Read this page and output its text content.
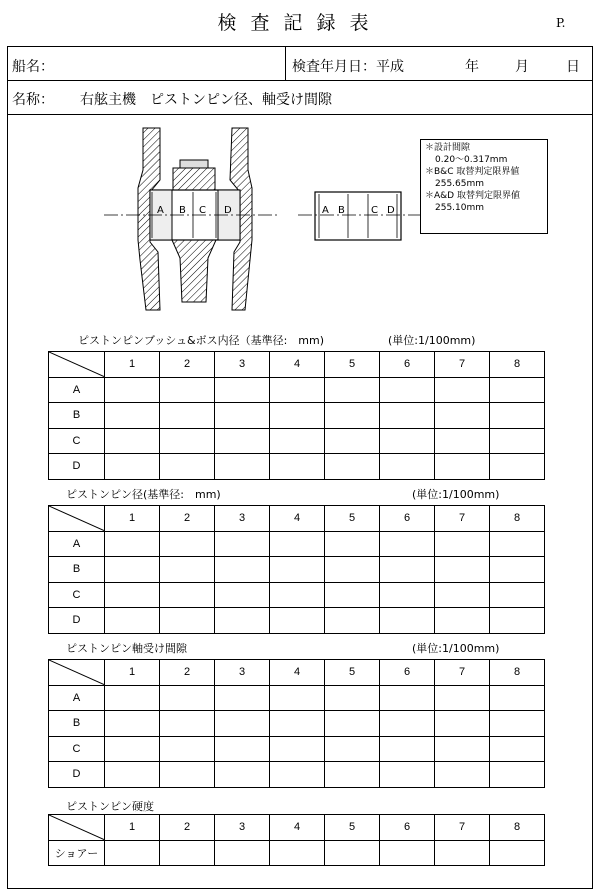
検査記録表	P.
船名：	検査年月日：平成	年	月	日
名称： 右舷主機　ピストンピン径、軸受け間隙
A B C D	A B	C D
＊設計間隙
0.20～0.317mm
＊B&C 取替判定限界値
255.65mm
＊A&D 取替判定限界値
255.10mm
ピストンピンブッシュ&ボス内径（基準径:　mm)	(単位:1/100mm)
	1	2	3	4	5	6	7	8
A								
B								
C								
D								
ピストンピン径(基準径:　mm)	(単位:1/100mm)
	1	2	3	4	5	6	7	8
A								
B								
C								
D								
ピストンピン軸受け間隙	(単位:1/100mm)
	1	2	3	4	5	6	7	8
A								
B								
C								
D								
ピストンピン硬度
	1	2	3	4	5	6	7	8
ショアー								
